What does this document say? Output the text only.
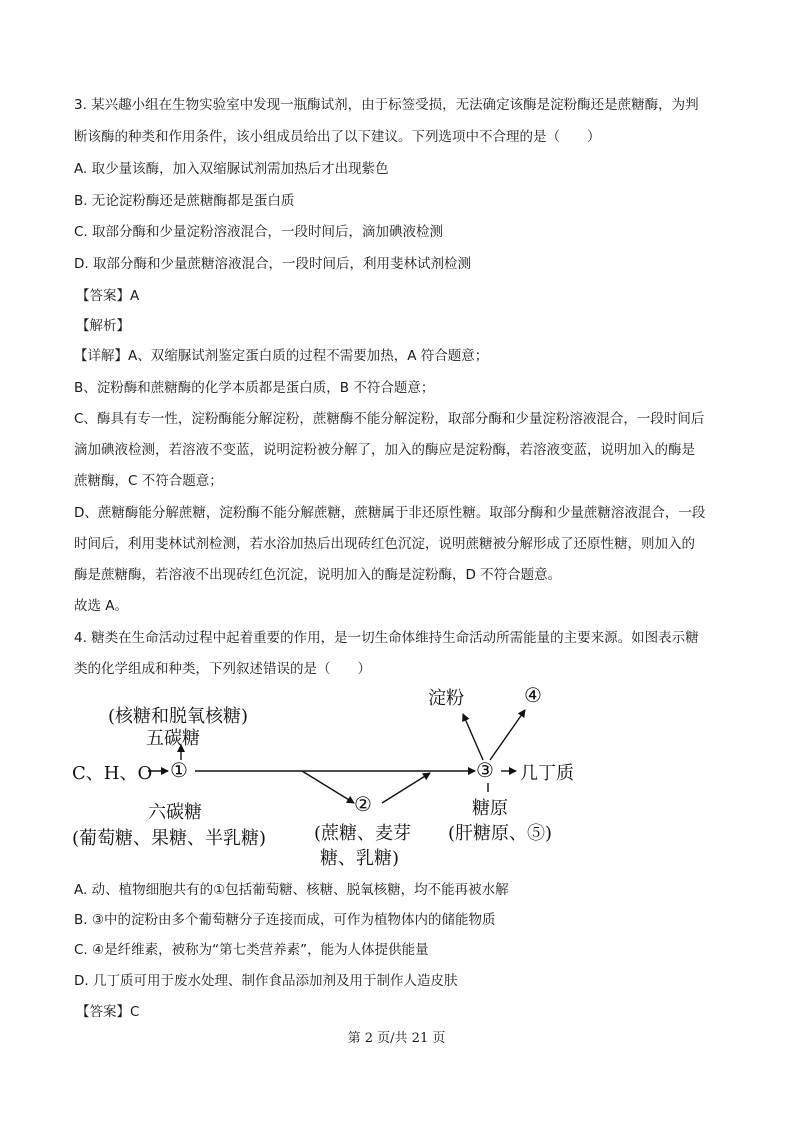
3. 某兴趣小组在生物实验室中发现一瓶酶试剂，由于标签受损，无法确定该酶是淀粉酶还是蔗糖酶，为判
断该酶的种类和作用条件，该小组成员给出了以下建议。下列选项中不合理的是（　　）
A. 取少量该酶，加入双缩脲试剂需加热后才出现紫色
B. 无论淀粉酶还是蔗糖酶都是蛋白质
C. 取部分酶和少量淀粉溶液混合，一段时间后，滴加碘液检测
D. 取部分酶和少量蔗糖溶液混合，一段时间后，利用斐林试剂检测
【答案】A
【解析】
【详解】A、双缩脲试剂鉴定蛋白质的过程不需要加热，A 符合题意；
B、淀粉酶和蔗糖酶的化学本质都是蛋白质，B 不符合题意；
C、酶具有专一性，淀粉酶能分解淀粉，蔗糖酶不能分解淀粉，取部分酶和少量淀粉溶液混合，一段时间后
滴加碘液检测，若溶液不变蓝，说明淀粉被分解了，加入的酶应是淀粉酶，若溶液变蓝，说明加入的酶是
蔗糖酶，C 不符合题意；
D、蔗糖酶能分解蔗糖，淀粉酶不能分解蔗糖，蔗糖属于非还原性糖。取部分酶和少量蔗糖溶液混合，一段
时间后，利用斐林试剂检测，若水浴加热后出现砖红色沉淀，说明蔗糖被分解形成了还原性糖，则加入的
酶是蔗糖酶，若溶液不出现砖红色沉淀，说明加入的酶是淀粉酶，D 不符合题意。
故选 A。
4. 糖类在生命活动过程中起着重要的作用，是一切生命体维持生命活动所需能量的主要来源。如图表示糖
类的化学组成和种类，下列叙述错误的是（　　）
(核糖和脱氧核糖)
五碳糖
C、H、O ①
六碳糖
(葡萄糖、果糖、半乳糖)
②
(蔗糖、麦芽
糖、乳糖)
③ 几丁质
淀粉	④
糖原
(肝糖原、⑤)
A. 动、植物细胞共有的①包括葡萄糖、核糖、脱氧核糖，均不能再被水解
B. ③中的淀粉由多个葡萄糖分子连接而成，可作为植物体内的储能物质
C. ④是纤维素，被称为“第七类营养素”，能为人体提供能量
D. 几丁质可用于废水处理、制作食品添加剂及用于制作人造皮肤
【答案】C
第 2 页/共 21 页
